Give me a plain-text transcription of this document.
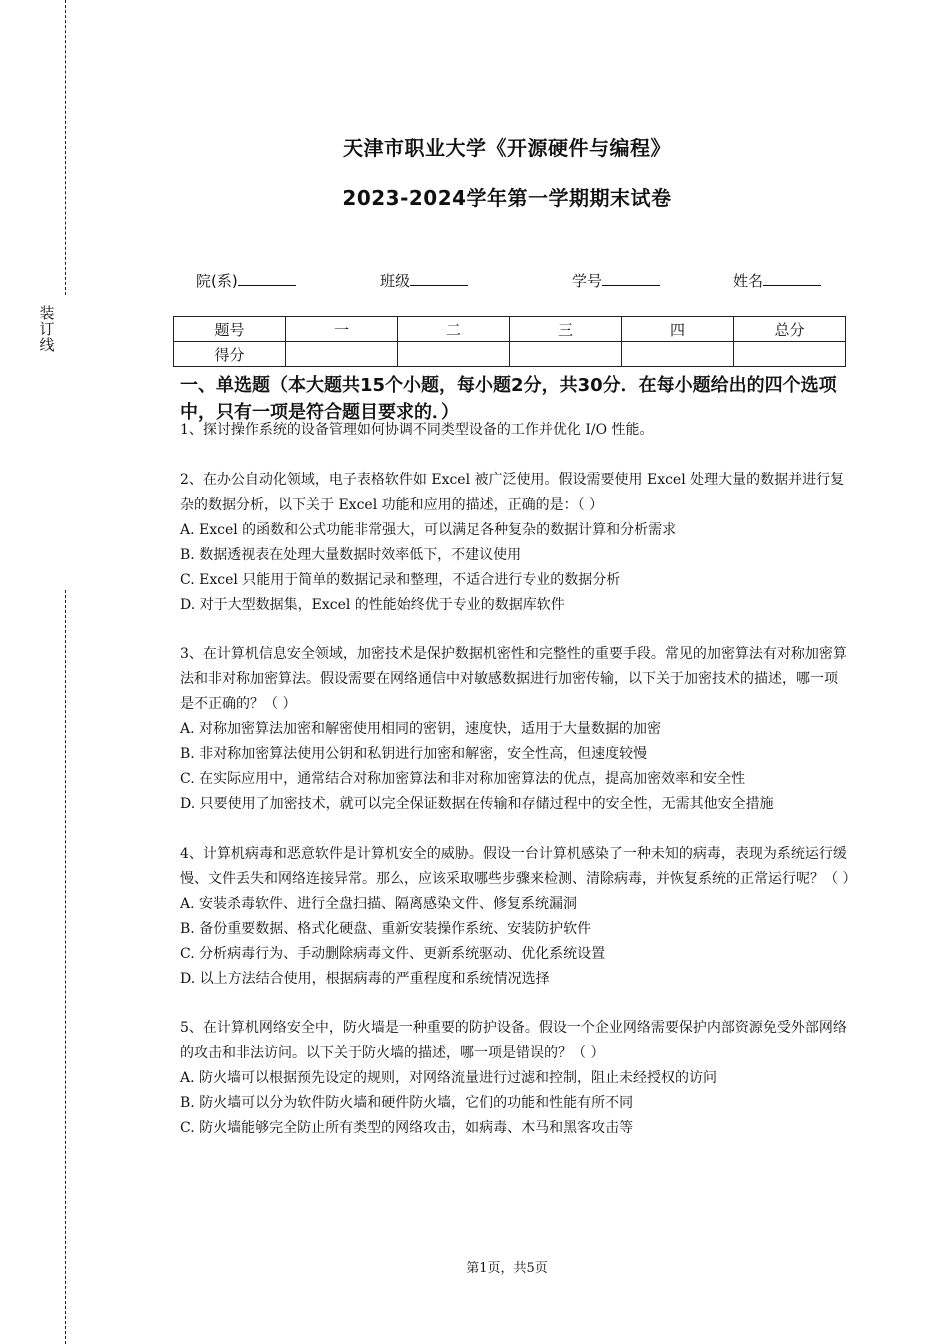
装
订
线
天津市职业大学《开源硬件与编程》
2023-2024学年第一学期期末试卷
院(系)	班级	学号	姓名
题号	一	二	三	四	总分
得分					
一、单选题（本大题共15个小题，每小题2分，共30分．在每小题给出的四个选项中，只有一项是符合题目要求的．）

1、探讨操作系统的设备管理如何协调不同类型设备的工作并优化 I/O 性能。

2、在办公自动化领域，电子表格软件如 Excel 被广泛使用。假设需要使用 Excel 处理大量的数据并进行复杂的数据分析，以下关于 Excel 功能和应用的描述，正确的是：（ ）

A. Excel 的函数和公式功能非常强大，可以满足各种复杂的数据计算和分析需求

B. 数据透视表在处理大量数据时效率低下，不建议使用

C. Excel 只能用于简单的数据记录和整理，不适合进行专业的数据分析

D. 对于大型数据集，Excel 的性能始终优于专业的数据库软件

3、在计算机信息安全领域，加密技术是保护数据机密性和完整性的重要手段。常见的加密算法有对称加密算法和非对称加密算法。假设需要在网络通信中对敏感数据进行加密传输，以下关于加密技术的描述，哪一项是不正确的？（ ）

A. 对称加密算法加密和解密使用相同的密钥，速度快，适用于大量数据的加密

B. 非对称加密算法使用公钥和私钥进行加密和解密，安全性高，但速度较慢

C. 在实际应用中，通常结合对称加密算法和非对称加密算法的优点，提高加密效率和安全性

D. 只要使用了加密技术，就可以完全保证数据在传输和存储过程中的安全性，无需其他安全措施

4、计算机病毒和恶意软件是计算机安全的威胁。假设一台计算机感染了一种未知的病毒，表现为系统运行缓慢、文件丢失和网络连接异常。那么，应该采取哪些步骤来检测、清除病毒，并恢复系统的正常运行呢？（ ）

A. 安装杀毒软件、进行全盘扫描、隔离感染文件、修复系统漏洞

B. 备份重要数据、格式化硬盘、重新安装操作系统、安装防护软件

C. 分析病毒行为、手动删除病毒文件、更新系统驱动、优化系统设置

D. 以上方法结合使用，根据病毒的严重程度和系统情况选择

5、在计算机网络安全中，防火墙是一种重要的防护设备。假设一个企业网络需要保护内部资源免受外部网络的攻击和非法访问。以下关于防火墙的描述，哪一项是错误的？（ ）

A. 防火墙可以根据预先设定的规则，对网络流量进行过滤和控制，阻止未经授权的访问

B. 防火墙可以分为软件防火墙和硬件防火墙，它们的功能和性能有所不同

C. 防火墙能够完全防止所有类型的网络攻击，如病毒、木马和黑客攻击等

第1页，共5页
